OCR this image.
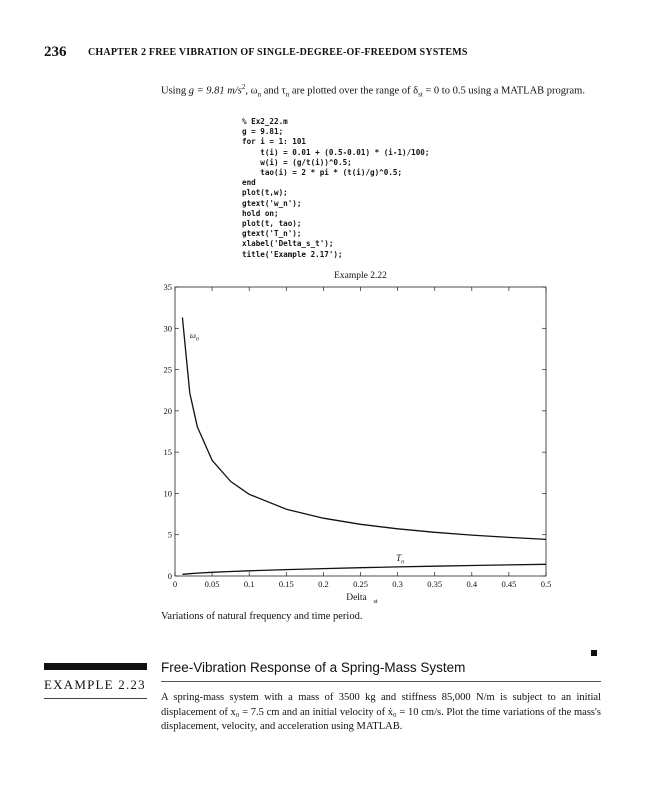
236 CHAPTER 2 FREE VIBRATION OF SINGLE-DEGREE-OF-FREEDOM SYSTEMS
Using g = 9.81 $m/s^2$, $\omega_n$ and $\tau_n$ are plotted over the range of $\delta_{st} = 0$ to 0.5 using a MATLAB program.
% Ex2_22.m
g = 9.81;
for i = 1: 101
t(i) = 0.01 + (0.5-0.01) * (i-1)/100;
w(i) = (g/t(i))^0.5;
tao(i) = 2 * pi * (t(i)/g)^0.5;
end
plot(t,w);
gtext('w_n');
hold on;
plot(t, tao);
gtext('T_n');
xlabel('Delta_s_t');
title('Example 2.17');
0	0.05	0.1	0.15	0.2	0.25	0.3	0.35	0.4	0.45	0.5
0
5
10
15
20
25
30
35
Example 2.22
Delta st
ω n
T n
Variations of natural frequency and time period.
EXAMPLE 2.23
Free-Vibration Response of a Spring-Mass System
A spring-mass system with a mass of 3500 kg and stiffness 85,000 N/m is subject to an initial displacement of x₀ = 7.5 cm and an initial velocity of ẋ₀ = 10 cm/s. Plot the time variations of the mass's displacement, velocity, and acceleration using MATLAB.
